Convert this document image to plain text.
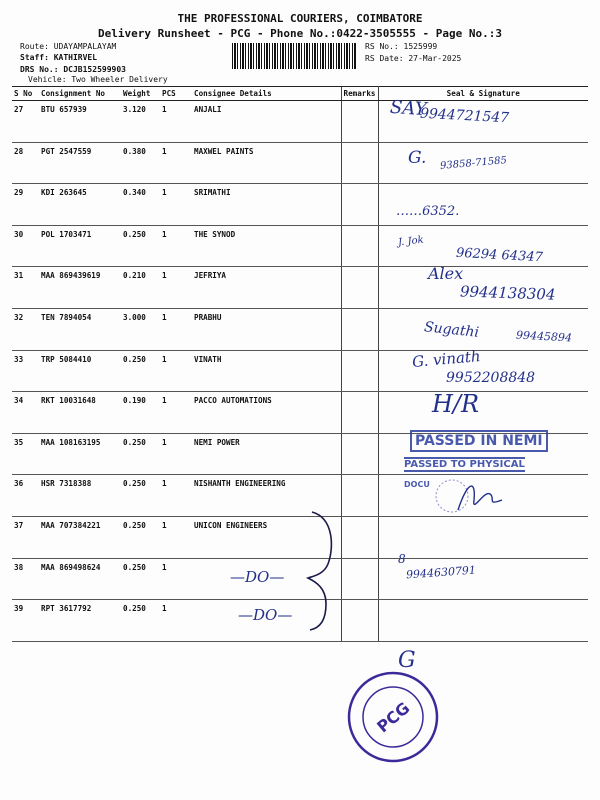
THE PROFESSIONAL COURIERS, COIMBATORE
Delivery Runsheet - PCG - Phone No.:0422-3505555 - Page No.:3
Route: UDAYAMPALAYAM
Staff: KATHIRVEL
DRS No.: DCJB152599903
Vehicle: Two Wheeler Delivery
RS No.: 1525999
RS Date: 27-Mar-2025
S No	Consignment No	Weight	PCS	Consignee Details	Remarks	Seal & Signature
27	BTU 657939	3.120	1	ANJALI		
28	PGT 2547559	0.380	1	MAXWEL PAINTS		
29	KDI 263645	0.340	1	SRIMATHI		
30	POL 1703471	0.250	1	THE SYNOD		
31	MAA 869439619	0.210	1	JEFRIYA		
32	TEN 7894054	3.000	1	PRABHU		
33	TRP 5084410	0.250	1	VINATH		
34	RKT 10031648	0.190	1	PACCO AUTOMATIONS		
35	MAA 108163195	0.250	1	NEMI POWER		
36	HSR 7318388	0.250	1	NISHANTH ENGINEERING		
37	MAA 707384221	0.250	1	UNICON ENGINEERS		
38	MAA 869498624	0.250	1			
39	RPT 3617792	0.250	1			
SAY
9944721547
G. 93858-71585
․․․․․․6352․
J. Jok
96294 64347
Alex
9944138304
Sugathi	99445894
G. vinath
9952208848
H/R
—DO—
—DO—
8
9944630791
PASSED IN NEMI
PASSED TO PHYSICAL
DOCU
PCG
G
